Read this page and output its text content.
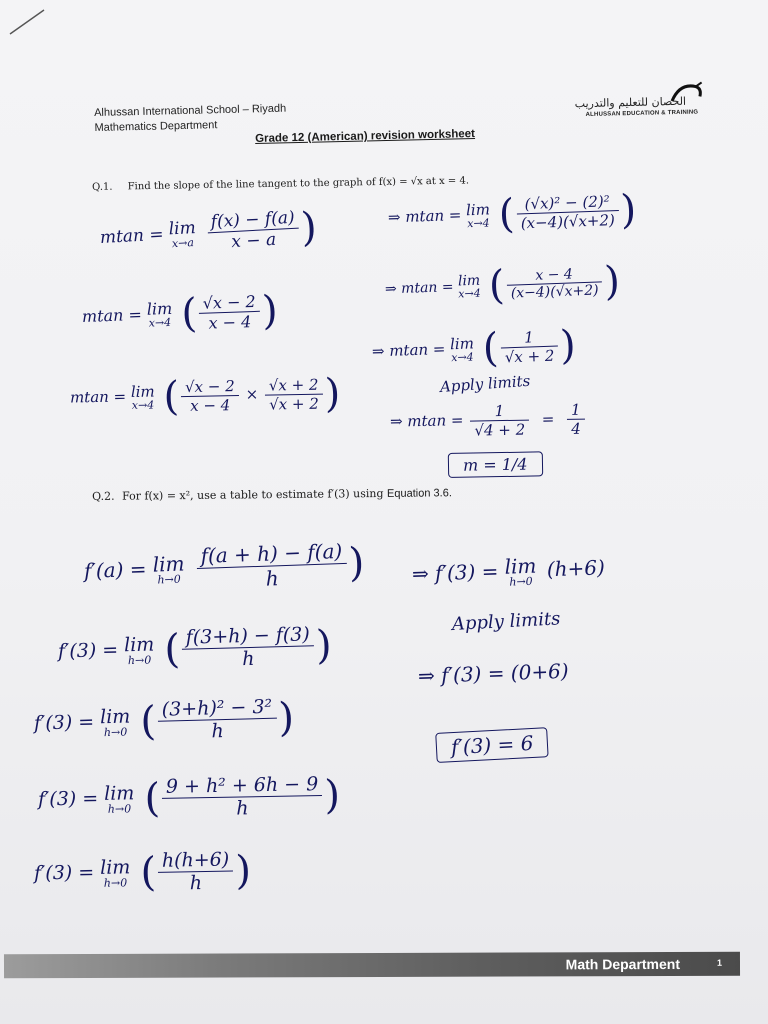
Alhussan International School – Riyadh
Mathematics Department
الحصان للتعليم والتدريب
ALHUSSAN EDUCATION & TRAINING
Grade 12 (American) revision worksheet
Q.1. Find the slope of the line tangent to the graph of f(x) = √x at x = 4.
mtan = lim
x→a
$\frac{f(x) - f(a)}{x - a}$ )
mtan = lim
x→4 ( $\frac{√x - 2}{x - 4}$ )
mtan = lim
x→4 ( $\frac{√x - 2}{x - 4} \times \frac{√x + 2}{√x + 2}$ )
⇒ mtan = lim
x→4 ( $\frac{\text{(√x)² − (2)²}}{(x-4)(√x+2)}$ )
⇒ mtan = lim
x→4 ( $\frac{x - 4}{(x-4)(√x+2)}$ )
⇒ mtan = lim
x→4 ( $\frac{1}{√x + 2}$ )
Apply limits
⇒ $mtan = \frac{1}{√4 + 2} = \frac{1}{4}$
m = 1/4
Q.2. For f(x) = x², use a table to estimate f′(3) using Equation 3.6.
f′(a) = lim
h→0
$\frac{f(a + h) - f(a)}{h}$ )
f′(3) = lim
h→0 ( $\frac{f(3+h) - f(3)}{h}$ )
f′(3) = lim
h→0 ( $\frac{\text{(3+h)² − 3²}}{h}$ )
f′(3) = lim
h→0 ( $\frac{\text{9 + h² + 6h − 9}}{h}$ )
f′(3) = lim
h→0 ( $\frac{h(h+6)}{h}$ )
⇒ f′(3) = lim
h→0
(h+6)
Apply limits
⇒ f′(3) = (0+6)
f′(3) = 6
Math Department	1
